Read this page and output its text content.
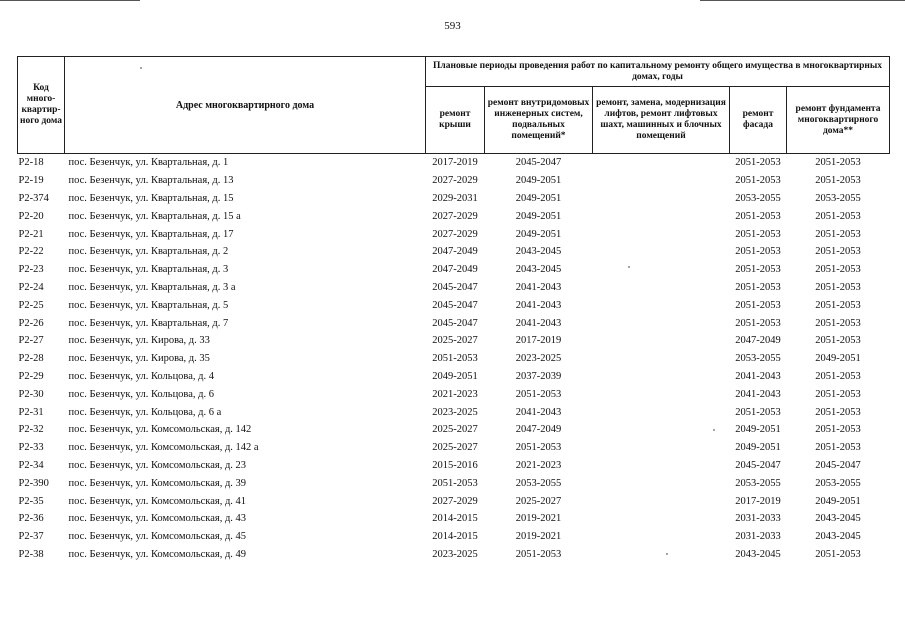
593
Код много-квартир-ного дома	Адрес многоквартирного дома	Плановые периоды проведения работ по капитальному ремонту общего имущества в многоквартирных домах, годы				
		ремонт крыши	ремонт внутридомовых инженерных систем, подвальных помещений*	ремонт, замена, модернизация лифтов, ремонт лифтовых шахт, машинных и блочных помещений	ремонт фасада	ремонт фундамента многоквартирного дома**
Р2-18	пос. Безенчук, ул. Квартальная, д. 1	2017-2019	2045-2047		2051-2053	2051-2053
Р2-19	пос. Безенчук, ул. Квартальная, д. 13	2027-2029	2049-2051		2051-2053	2051-2053
Р2-374	пос. Безенчук, ул. Квартальная, д. 15	2029-2031	2049-2051		2053-2055	2053-2055
Р2-20	пос. Безенчук, ул. Квартальная, д. 15 а	2027-2029	2049-2051		2051-2053	2051-2053
Р2-21	пос. Безенчук, ул. Квартальная, д. 17	2027-2029	2049-2051		2051-2053	2051-2053
Р2-22	пос. Безенчук, ул. Квартальная, д. 2	2047-2049	2043-2045		2051-2053	2051-2053
Р2-23	пос. Безенчук, ул. Квартальная, д. 3	2047-2049	2043-2045		2051-2053	2051-2053
Р2-24	пос. Безенчук, ул. Квартальная, д. 3 а	2045-2047	2041-2043		2051-2053	2051-2053
Р2-25	пос. Безенчук, ул. Квартальная, д. 5	2045-2047	2041-2043		2051-2053	2051-2053
Р2-26	пос. Безенчук, ул. Квартальная, д. 7	2045-2047	2041-2043		2051-2053	2051-2053
Р2-27	пос. Безенчук, ул. Кирова, д. 33	2025-2027	2017-2019		2047-2049	2051-2053
Р2-28	пос. Безенчук, ул. Кирова, д. 35	2051-2053	2023-2025		2053-2055	2049-2051
Р2-29	пос. Безенчук, ул. Кольцова, д. 4	2049-2051	2037-2039		2041-2043	2051-2053
Р2-30	пос. Безенчук, ул. Кольцова, д. 6	2021-2023	2051-2053		2041-2043	2051-2053
Р2-31	пос. Безенчук, ул. Кольцова, д. 6 а	2023-2025	2041-2043		2051-2053	2051-2053
Р2-32	пос. Безенчук, ул. Комсомольская, д. 142	2025-2027	2047-2049		2049-2051	2051-2053
Р2-33	пос. Безенчук, ул. Комсомольская, д. 142 а	2025-2027	2051-2053		2049-2051	2051-2053
Р2-34	пос. Безенчук, ул. Комсомольская, д. 23	2015-2016	2021-2023		2045-2047	2045-2047
Р2-390	пос. Безенчук, ул. Комсомольская, д. 39	2051-2053	2053-2055		2053-2055	2053-2055
Р2-35	пос. Безенчук, ул. Комсомольская, д. 41	2027-2029	2025-2027		2017-2019	2049-2051
Р2-36	пос. Безенчук, ул. Комсомольская, д. 43	2014-2015	2019-2021		2031-2033	2043-2045
Р2-37	пос. Безенчук, ул. Комсомольская, д. 45	2014-2015	2019-2021		2031-2033	2043-2045
Р2-38	пос. Безенчук, ул. Комсомольская, д. 49	2023-2025	2051-2053		2043-2045	2051-2053
